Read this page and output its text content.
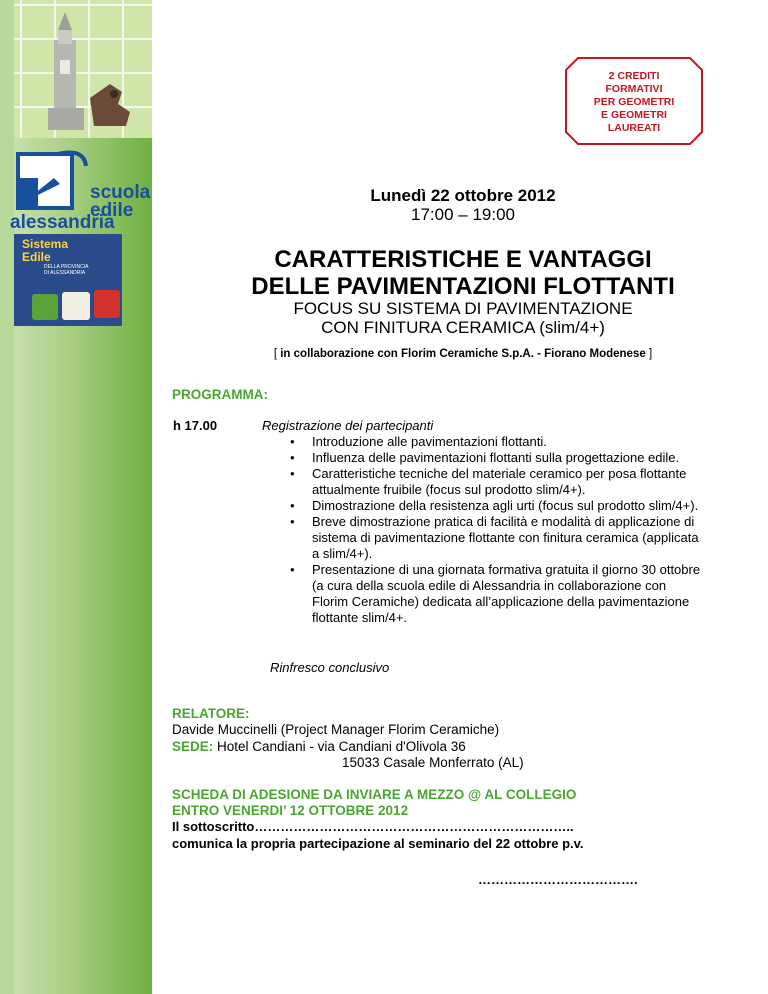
scuola
edile
alessandria
Sistema
Edile
DELLA PROVINCIA
DI ALESSANDRIA
2 CREDITI
FORMATIVI
PER GEOMETRI
E GEOMETRI
LAUREATI
Lunedì 22 ottobre 2012
17:00 – 19:00
CARATTERISTICHE E VANTAGGI
DELLE PAVIMENTAZIONI FLOTTANTI
FOCUS SU SISTEMA DI PAVIMENTAZIONE
CON FINITURA CERAMICA (slim/4+)
[ in collaborazione con Florim Ceramiche S.p.A. - Fiorano Modenese ]
PROGRAMMA:
h 17.00	Registrazione dei partecipanti
• Introduzione alle pavimentazioni flottanti.
• Influenza delle pavimentazioni flottanti sulla progettazione edile.
• Caratteristiche tecniche del materiale ceramico per posa flottante attualmente fruibile (focus sul prodotto slim/4+).
• Dimostrazione della resistenza agli urti (focus sul prodotto slim/4+).
• Breve dimostrazione pratica di facilità e modalità di applicazione di sistema di pavimentazione flottante con finitura ceramica (applicata a slim/4+).
• Presentazione di una giornata formativa gratuita il giorno 30 ottobre (a cura della scuola edile di Alessandria in collaborazione con Florim Ceramiche) dedicata all’applicazione della pavimentazione flottante slim/4+.
Rinfresco conclusivo
RELATORE:
Davide Muccinelli (Project Manager Florim Ceramiche)
SEDE: Hotel Candiani - via Candiani d'Olivola 36
15033 Casale Monferrato (AL)
SCHEDA DI ADESIONE DA INVIARE A MEZZO @ AL COLLEGIO
ENTRO VENERDI’ 12 OTTOBRE 2012
Il sottoscritto………………………………………………………………..
comunica la propria partecipazione al seminario del 22 ottobre p.v.
……………………………….
